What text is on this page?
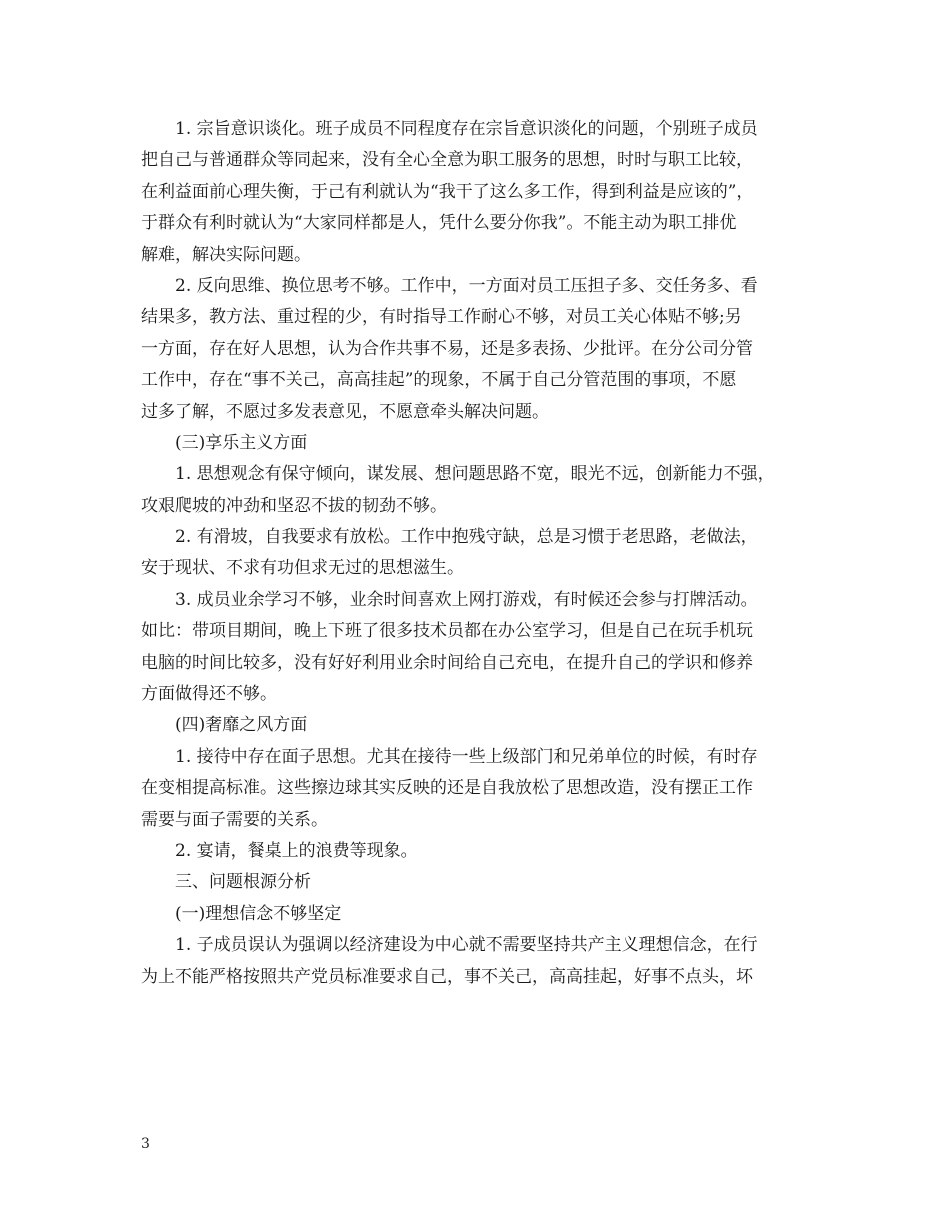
1. 宗旨意识谈化。班子成员不同程度存在宗旨意识淡化的问题，个别班子成员
把自己与普通群众等同起来，没有全心全意为职工服务的思想，时时与职工比较，
在利益面前心理失衡，于己有利就认为“我干了这么多工作，得到利益是应该的”，
于群众有利时就认为“大家同样都是人，凭什么要分你我”。不能主动为职工排优
解难，解决实际问题。
2. 反向思维、换位思考不够。工作中，一方面对员工压担子多、交任务多、看
结果多，教方法、重过程的少，有时指导工作耐心不够，对员工关心体贴不够;另
一方面，存在好人思想，认为合作共事不易，还是多表扬、少批评。在分公司分管
工作中，存在“事不关己，高高挂起”的现象，不属于自己分管范围的事项，不愿
过多了解，不愿过多发表意见，不愿意牵头解决问题。
(三)享乐主义方面
1. 思想观念有保守倾向，谋发展、想问题思路不宽，眼光不远，创新能力不强，
攻艰爬坡的冲劲和坚忍不拔的韧劲不够。
2. 有滑坡，自我要求有放松。工作中抱残守缺，总是习惯于老思路，老做法，
安于现状、不求有功但求无过的思想滋生。
3. 成员业余学习不够，业余时间喜欢上网打游戏，有时候还会参与打牌活动。
如比：带项目期间，晚上下班了很多技术员都在办公室学习，但是自己在玩手机玩
电脑的时间比较多，没有好好利用业余时间给自己充电，在提升自己的学识和修养
方面做得还不够。
(四)奢靡之风方面
1. 接待中存在面子思想。尤其在接待一些上级部门和兄弟单位的时候，有时存
在变相提高标准。这些擦边球其实反映的还是自我放松了思想改造，没有摆正工作
需要与面子需要的关系。
2. 宴请，餐桌上的浪费等现象。
三、问题根源分析
(一)理想信念不够坚定
1. 子成员误认为强调以经济建设为中心就不需要坚持共产主义理想信念，在行
为上不能严格按照共产党员标准要求自己，事不关己，高高挂起，好事不点头，坏
3
